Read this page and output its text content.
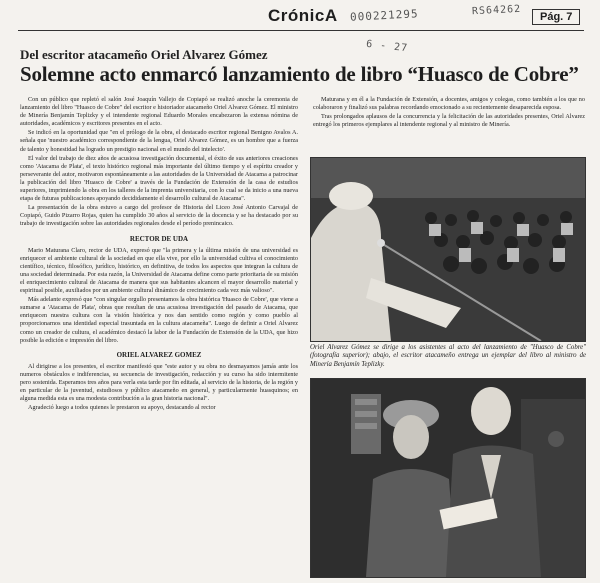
CrónicA 000221295	RS64262
6 - 27
Pág. 7
Del escritor atacameño Oriel Alvarez Gómez
Solemne acto enmarcó lanzamiento de libro “Huasco de Cobre”

Con un público que repletó el salón José Joaquín Vallejo de Copiapó se realizó anoche la ceremonia de lanzamiento del libro "Huasco de Cobre" del escritor e historiador atacameño Oriel Alvarez Gómez. El ministro de Minería Benjamín Teplizky y el intendente regional Eduardo Morales encabezaron la extensa nómina de autoridades, académicos y escritores presentes en el acto.

Se indicó en la oportunidad que "en el prólogo de la obra, el destacado escritor regional Benigno Avalos A. señala que 'nuestro académico correspondiente de la lengua, Oriel Alvarez Gómez, es un hombre que a fuerza de talento y honestidad ha logrado un prestigio nacional en el mundo del intelecto'.

El valor del trabajo de diez años de acusiosa investigación documental, el éxito de sus anteriores creaciones como 'Atacama de Plata', el texto histórico regional más importante del último tiempo y el espíritu creador y perseverante del autor, motivaron espontáneamente a las autoridades de la Universidad de Atacama a patrocinar la publicación del libro 'Huasco de Cobre' a través de la Fundación de Extensión de la casa de estudios superiores, imprimiendo la obra en los talleres de la imprenta universitaria, con lo cual se da inicio a una nueva etapa de futuras publicaciones apoyando decididamente el desarrollo cultural de Atacama".

La presentación de la obra estuvo a cargo del profesor de Historia del Liceo José Antonio Carvajal de Copiapó, Guido Pizarro Rojas, quien ha cumplido 30 años al servicio de la docencia y se ha destacado por su trabajo de investigación sobre las autoridades regionales desde el período prenincaico.

RECTOR DE UDA

Mario Maturana Claro, rector de UDA, expresó que "la primera y la última misión de una universidad es enriquecer el ambiente cultural de la sociedad en que ella vive, por ello la universidad cultiva el conocimiento científico, técnico, filosófico, jurídico, histórico, en definitiva, de todos los aspectos que integran la cultura de una sociedad determinada. Por esta razón, la Universidad de Atacama define como parte prioritaria de su misión el enriquecimiento cultural de Atacama de manera que sus habitantes alcancen el mayor desarrollo material y espiritual posible, auxiliados por un ambiente cultural dinámico de crecimiento cada vez más valioso".

Más adelante expresó que "con singular orgullo presentamos la obra histórica 'Huasco de Cobre', que viene a sumarse a 'Atacama de Plata', obras que resultan de una acusiosa investigación del pasado de Atacama, que enriquecen nuestra cultura con la visión histórica y nos dan sentido como región y como pueblo al proporcionarnos una identidad especial trasuntada en la cultura atacameña". Luego de definir a Oriel Alvarez como un creador de cultura, el académico destacó la labor de la Fundación de Extensión de la UDA, que hizo posible la edición e impresión del libro.

ORIEL ALVAREZ GOMEZ

Al dirigirse a los presentes, el escritor manifestó que "este autor y su obra no desmayamos jamás ante los numeros obstáculos e indiferencias, su secuencia de investigación, redacción y su curso ha sido intermitente pero sostenida. Esperamos tres años para verla esta tarde por fin editada, al servicio de la historia, de la región y en particular de la juventud, estudiosos y público atacameño en general, y particularmente huasquinos; en alguna medida esta es una modesta contribución a la gran historia nacional".

Agradeció luego a todos quienes le prestaron su apoyo, destacando al rector

Maturana y en él a la Fundación de Extensión, a docentes, amigos y colegas, como también a los que no colaboraron y finalizó sus palabras recordando emocionado a su recientemente desaparecida esposa.

Tras prolongados aplausos de la concurrencia y la felicitación de las autoridades presentes, Oriel Alvarez entregó los primeros ejemplares al intendente regional y al ministro de Minería.

Oriel Alvarez Gómez se dirige a los asistentes al acto del lanzamiento de "Huasco de Cobre" (fotografía superior); abajo, el escritor atacameño entrega un ejemplar del libro al ministro de Minería Benjamín Teplizky.
